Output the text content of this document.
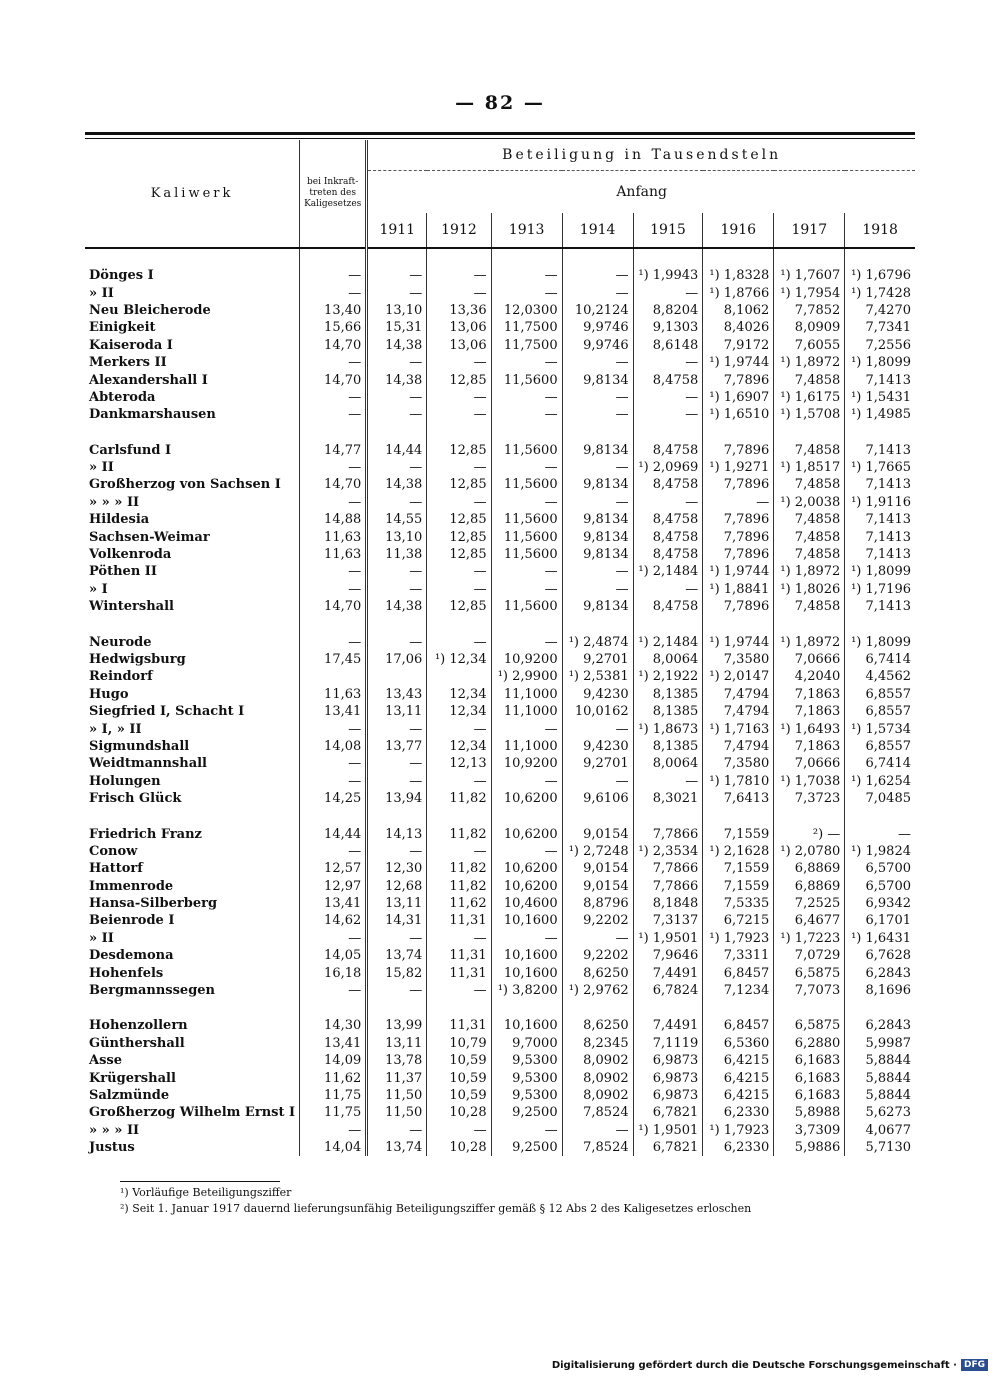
— 82 —
Kaliwerk	bei Inkraft-treten des Kaligesetzes	Beteiligung in Tausendsteln							
		Anfang							
		1911	1912	1913	1914	1915	1916	1917	1918

Dönges I	—	—	—	—	—	¹) 1,9943	¹) 1,8328	¹) 1,7607	¹) 1,6796
» II	—	—	—	—	—	—	¹) 1,8766	¹) 1,7954	¹) 1,7428
Neu Bleicherode	13,40	13,10	13,36	12,0300	10,2124	8,8204	8,1062	7,7852	7,4270
Einigkeit	15,66	15,31	13,06	11,7500	9,9746	9,1303	8,4026	8,0909	7,7341
Kaiseroda I	14,70	14,38	13,06	11,7500	9,9746	8,6148	7,9172	7,6055	7,2556
Merkers II	—	—	—	—	—	—	¹) 1,9744	¹) 1,8972	¹) 1,8099
Alexandershall I	14,70	14,38	12,85	11,5600	9,8134	8,4758	7,7896	7,4858	7,1413
Abteroda	—	—	—	—	—	—	¹) 1,6907	¹) 1,6175	¹) 1,5431
Dankmarshausen	—	—	—	—	—	—	¹) 1,6510	¹) 1,5708	¹) 1,4985

Carlsfund I	14,77	14,44	12,85	11,5600	9,8134	8,4758	7,7896	7,4858	7,1413
» II	—	—	—	—	—	¹) 2,0969	¹) 1,9271	¹) 1,8517	¹) 1,7665
Großherzog von Sachsen I	14,70	14,38	12,85	11,5600	9,8134	8,4758	7,7896	7,4858	7,1413
» » » II	—	—	—	—	—	—	—	¹) 2,0038	¹) 1,9116
Hildesia	14,88	14,55	12,85	11,5600	9,8134	8,4758	7,7896	7,4858	7,1413
Sachsen-Weimar	11,63	13,10	12,85	11,5600	9,8134	8,4758	7,7896	7,4858	7,1413
Volkenroda	11,63	11,38	12,85	11,5600	9,8134	8,4758	7,7896	7,4858	7,1413
Pöthen II	—	—	—	—	—	¹) 2,1484	¹) 1,9744	¹) 1,8972	¹) 1,8099
» I	—	—	—	—	—	—	¹) 1,8841	¹) 1,8026	¹) 1,7196
Wintershall	14,70	14,38	12,85	11,5600	9,8134	8,4758	7,7896	7,4858	7,1413

Neurode	—	—	—	—	¹) 2,4874	¹) 2,1484	¹) 1,9744	¹) 1,8972	¹) 1,8099
Hedwigsburg	17,45	17,06	¹) 12,34	10,9200	9,2701	8,0064	7,3580	7,0666	6,7414
Reindorf				¹) 2,9900	¹) 2,5381	¹) 2,1922	¹) 2,0147	4,2040	4,4562
Hugo	11,63	13,43	12,34	11,1000	9,4230	8,1385	7,4794	7,1863	6,8557
Siegfried I, Schacht I	13,41	13,11	12,34	11,1000	10,0162	8,1385	7,4794	7,1863	6,8557
» I, » II	—	—	—	—	—	¹) 1,8673	¹) 1,7163	¹) 1,6493	¹) 1,5734
Sigmundshall	14,08	13,77	12,34	11,1000	9,4230	8,1385	7,4794	7,1863	6,8557
Weidtmannshall	—	—	12,13	10,9200	9,2701	8,0064	7,3580	7,0666	6,7414
Holungen	—	—	—	—	—	—	¹) 1,7810	¹) 1,7038	¹) 1,6254
Frisch Glück	14,25	13,94	11,82	10,6200	9,6106	8,3021	7,6413	7,3723	7,0485

Friedrich Franz	14,44	14,13	11,82	10,6200	9,0154	7,7866	7,1559	²) —	—
Conow	—	—	—	—	¹) 2,7248	¹) 2,3534	¹) 2,1628	¹) 2,0780	¹) 1,9824
Hattorf	12,57	12,30	11,82	10,6200	9,0154	7,7866	7,1559	6,8869	6,5700
Immenrode	12,97	12,68	11,82	10,6200	9,0154	7,7866	7,1559	6,8869	6,5700
Hansa-Silberberg	13,41	13,11	11,62	10,4600	8,8796	8,1848	7,5335	7,2525	6,9342
Beienrode I	14,62	14,31	11,31	10,1600	9,2202	7,3137	6,7215	6,4677	6,1701
» II	—	—	—	—	—	¹) 1,9501	¹) 1,7923	¹) 1,7223	¹) 1,6431
Desdemona	14,05	13,74	11,31	10,1600	9,2202	7,9646	7,3311	7,0729	6,7628
Hohenfels	16,18	15,82	11,31	10,1600	8,6250	7,4491	6,8457	6,5875	6,2843
Bergmannssegen	—	—	—	¹) 3,8200	¹) 2,9762	6,7824	7,1234	7,7073	8,1696

Hohenzollern	14,30	13,99	11,31	10,1600	8,6250	7,4491	6,8457	6,5875	6,2843
Günthershall	13,41	13,11	10,79	9,7000	8,2345	7,1119	6,5360	6,2880	5,9987
Asse	14,09	13,78	10,59	9,5300	8,0902	6,9873	6,4215	6,1683	5,8844
Krügershall	11,62	11,37	10,59	9,5300	8,0902	6,9873	6,4215	6,1683	5,8844
Salzmünde	11,75	11,50	10,59	9,5300	8,0902	6,9873	6,4215	6,1683	5,8844
Großherzog Wilhelm Ernst I	11,75	11,50	10,28	9,2500	7,8524	6,7821	6,2330	5,8988	5,6273
» » » II	—	—	—	—	—	¹) 1,9501	¹) 1,7923	3,7309	4,0677
Justus	14,04	13,74	10,28	9,2500	7,8524	6,7821	6,2330	5,9886	5,7130
¹) Vorläufige Beteiligungsziffer
²) Seit 1. Januar 1917 dauernd lieferungsunfähig Beteiligungsziffer gemäß § 12 Abs 2 des Kaligesetzes erloschen
Digitalisierung gefördert durch die Deutsche Forschungsgemeinschaft · DFG
